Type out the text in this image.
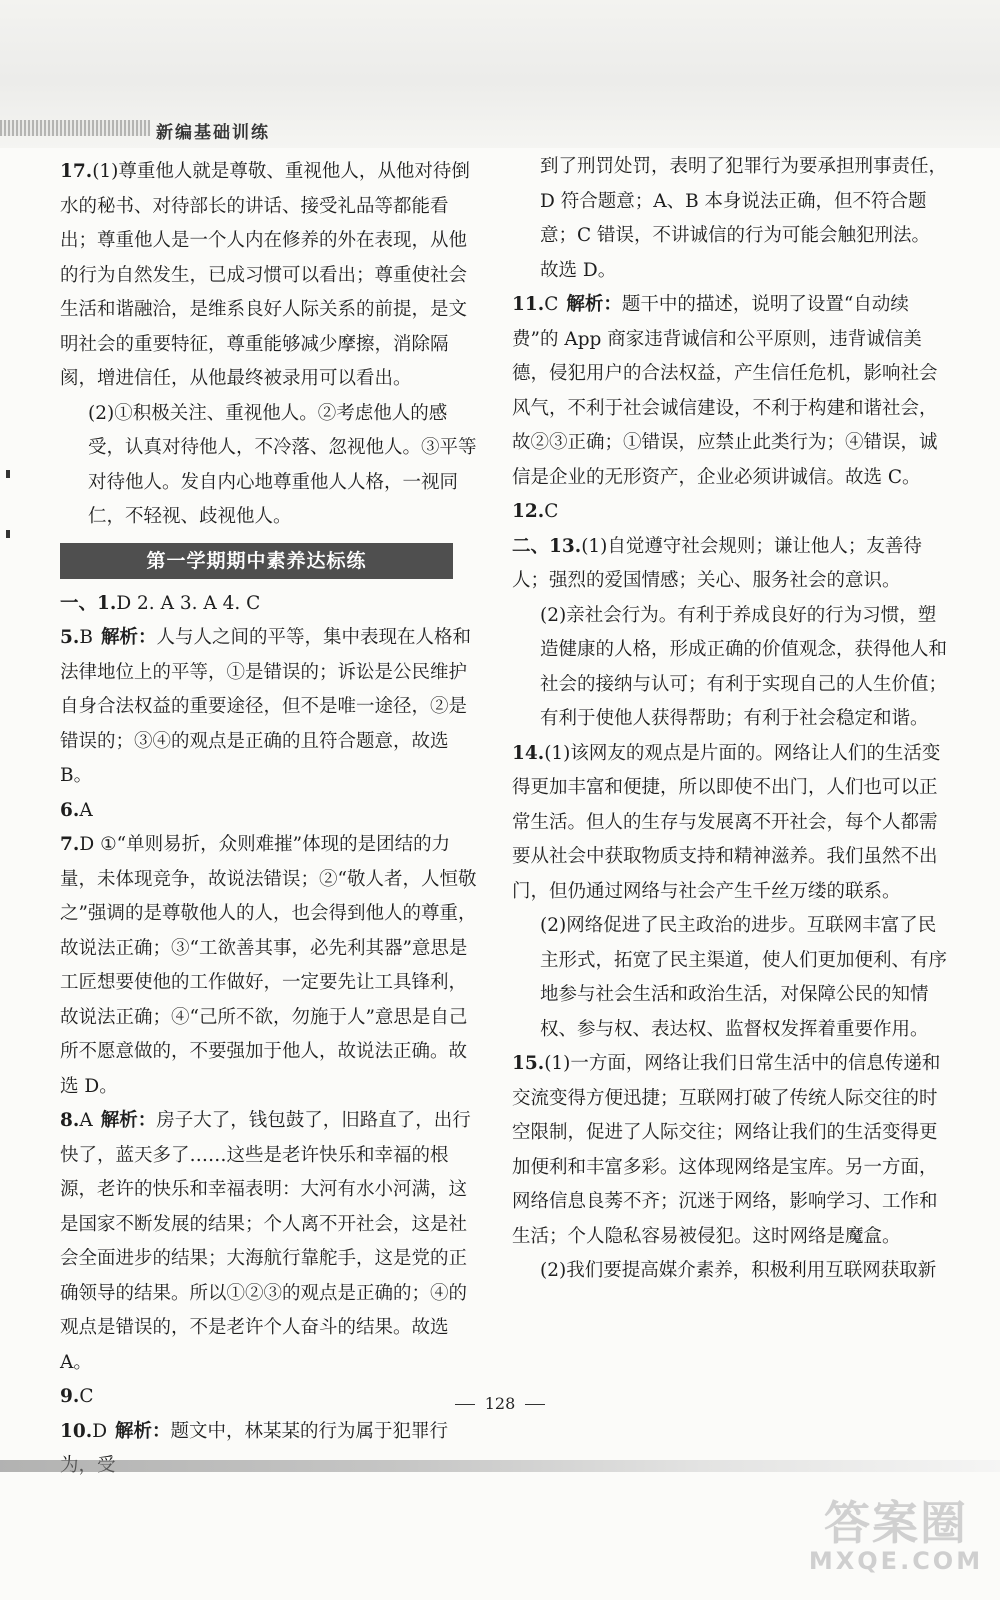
新编基础训练

17.(1)尊重他人就是尊敬、重视他人，从他对待倒水的秘书、对待部长的讲话、接受礼品等都能看出；尊重他人是一个人内在修养的外在表现，从他的行为自然发生，已成习惯可以看出；尊重使社会生活和谐融洽，是维系良好人际关系的前提，是文明社会的重要特征，尊重能够减少摩擦，消除隔阂，增进信任，从他最终被录用可以看出。

(2)①积极关注、重视他人。②考虑他人的感受，认真对待他人，不冷落、忽视他人。③平等对待他人。发自内心地尊重他人人格，一视同仁，不轻视、歧视他人。

第一学期期中素养达标练

一、1.D 2. A 3. A 4. C

5.B 解析：人与人之间的平等，集中表现在人格和法律地位上的平等，①是错误的；诉讼是公民维护自身合法权益的重要途径，但不是唯一途径，②是错误的；③④的观点是正确的且符合题意，故选 B。

6.A

7.D ①“单则易折，众则难摧”体现的是团结的力量，未体现竞争，故说法错误；②“敬人者，人恒敬之”强调的是尊敬他人的人，也会得到他人的尊重，故说法正确；③“工欲善其事，必先利其器”意思是工匠想要使他的工作做好，一定要先让工具锋利，故说法正确；④“己所不欲，勿施于人”意思是自己所不愿意做的，不要强加于他人，故说法正确。故选 D。

8.A 解析：房子大了，钱包鼓了，旧路直了，出行快了，蓝天多了……这些是老许快乐和幸福的根源，老许的快乐和幸福表明：大河有水小河满，这是国家不断发展的结果；个人离不开社会，这是社会全面进步的结果；大海航行靠舵手，这是党的正确领导的结果。所以①②③的观点是正确的；④的观点是错误的，不是老许个人奋斗的结果。故选 A。

9.C

10.D 解析：题文中，林某某的行为属于犯罪行

到了刑罚处罚，表明了犯罪行为要承担刑事责任，D 符合题意；A、B 本身说法正确，但不符合题意；C 错误，不讲诚信的行为可能会触犯刑法。故选 D。

11.C 解析：题干中的描述，说明了设置“自动续费”的 App 商家违背诚信和公平原则，违背诚信美德，侵犯用户的合法权益，产生信任危机，影响社会风气，不利于社会诚信建设，不利于构建和谐社会，故②③正确；①错误，应禁止此类行为；④错误，诚信是企业的无形资产，企业必须讲诚信。故选 C。

12.C

二、13.(1)自觉遵守社会规则；谦让他人；友善待人；强烈的爱国情感；关心、服务社会的意识。

(2)亲社会行为。有利于养成良好的行为习惯，塑造健康的人格，形成正确的价值观念，获得他人和社会的接纳与认可；有利于实现自己的人生价值；有利于使他人获得帮助；有利于社会稳定和谐。

14.(1)该网友的观点是片面的。网络让人们的生活变得更加丰富和便捷，所以即使不出门，人们也可以正常生活。但人的生存与发展离不开社会，每个人都需要从社会中获取物质支持和精神滋养。我们虽然不出门，但仍通过网络与社会产生千丝万缕的联系。

(2)网络促进了民主政治的进步。互联网丰富了民主形式，拓宽了民主渠道，使人们更加便利、有序地参与社会生活和政治生活，对保障公民的知情权、参与权、表达权、监督权发挥着重要作用。

15.(1)一方面，网络让我们日常生活中的信息传递和交流变得方便迅捷；互联网打破了传统人际交往的时空限制，促进了人际交往；网络让我们的生活变得更加便利和丰富多彩。这体现网络是宝库。另一方面，网络信息良莠不齐；沉迷于网络，影响学习、工作和生活；个人隐私容易被侵犯。这时网络是魔盒。

(2)我们要提高媒介素养，积极利用互联网获取新

128
答案圈
MXQE.COM
